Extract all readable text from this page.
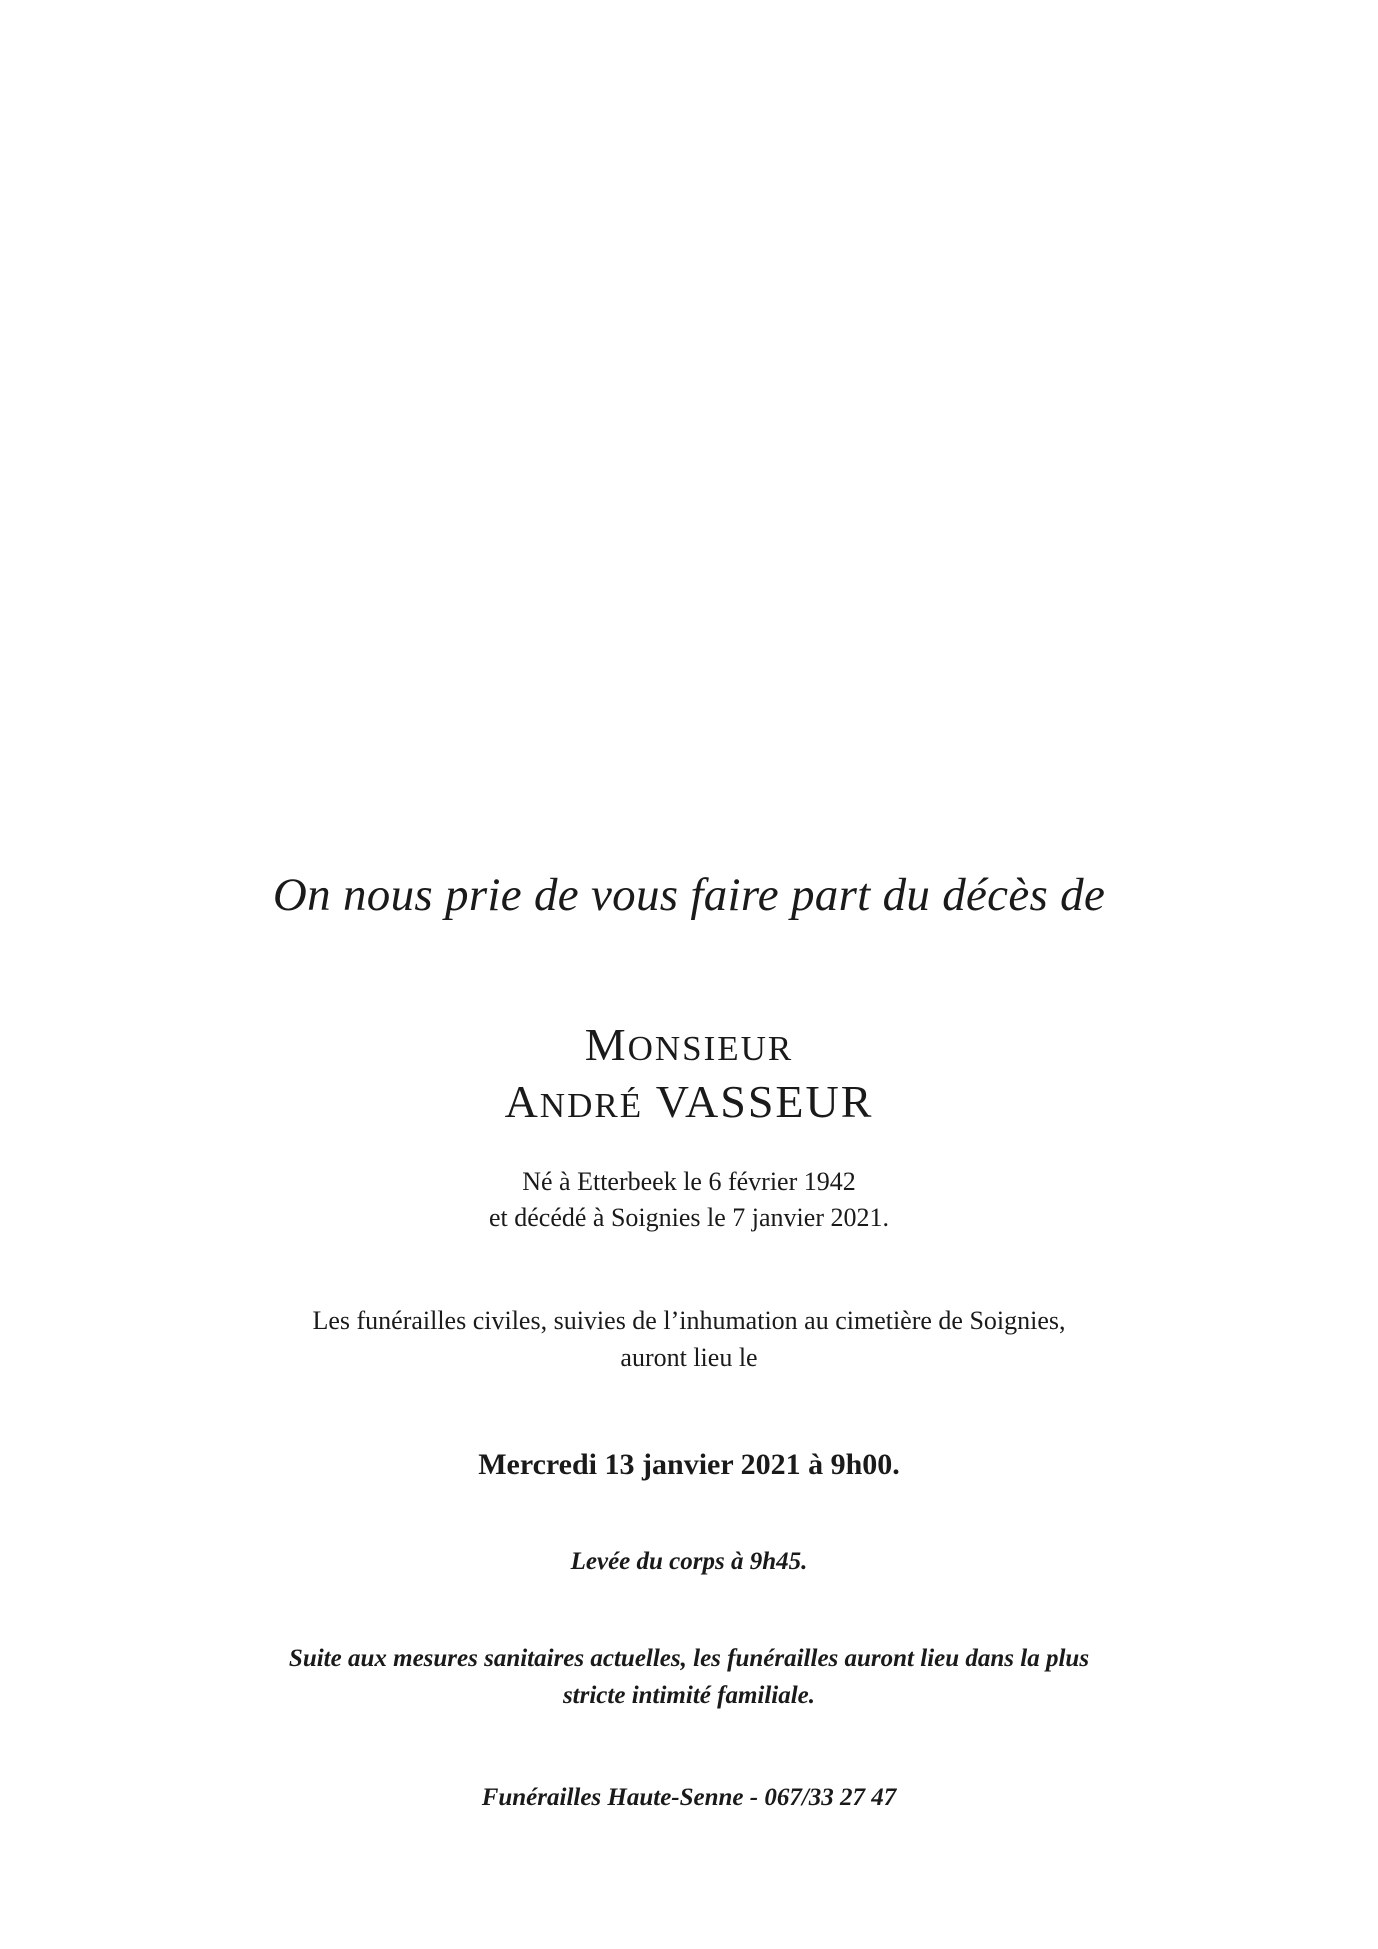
On nous prie de vous faire part du décès de

MONSIEUR

ANDRÉ VASSEUR

Né à Etterbeek le 6 février 1942

et décédé à Soignies le 7 janvier 2021.

Les funérailles civiles, suivies de l’inhumation au cimetière de Soignies,

auront lieu le

Mercredi 13 janvier 2021 à 9h00.

Levée du corps à 9h45.

Suite aux mesures sanitaires actuelles, les funérailles auront lieu dans la plus

stricte intimité familiale.

Funérailles Haute-Senne - 067/33 27 47
